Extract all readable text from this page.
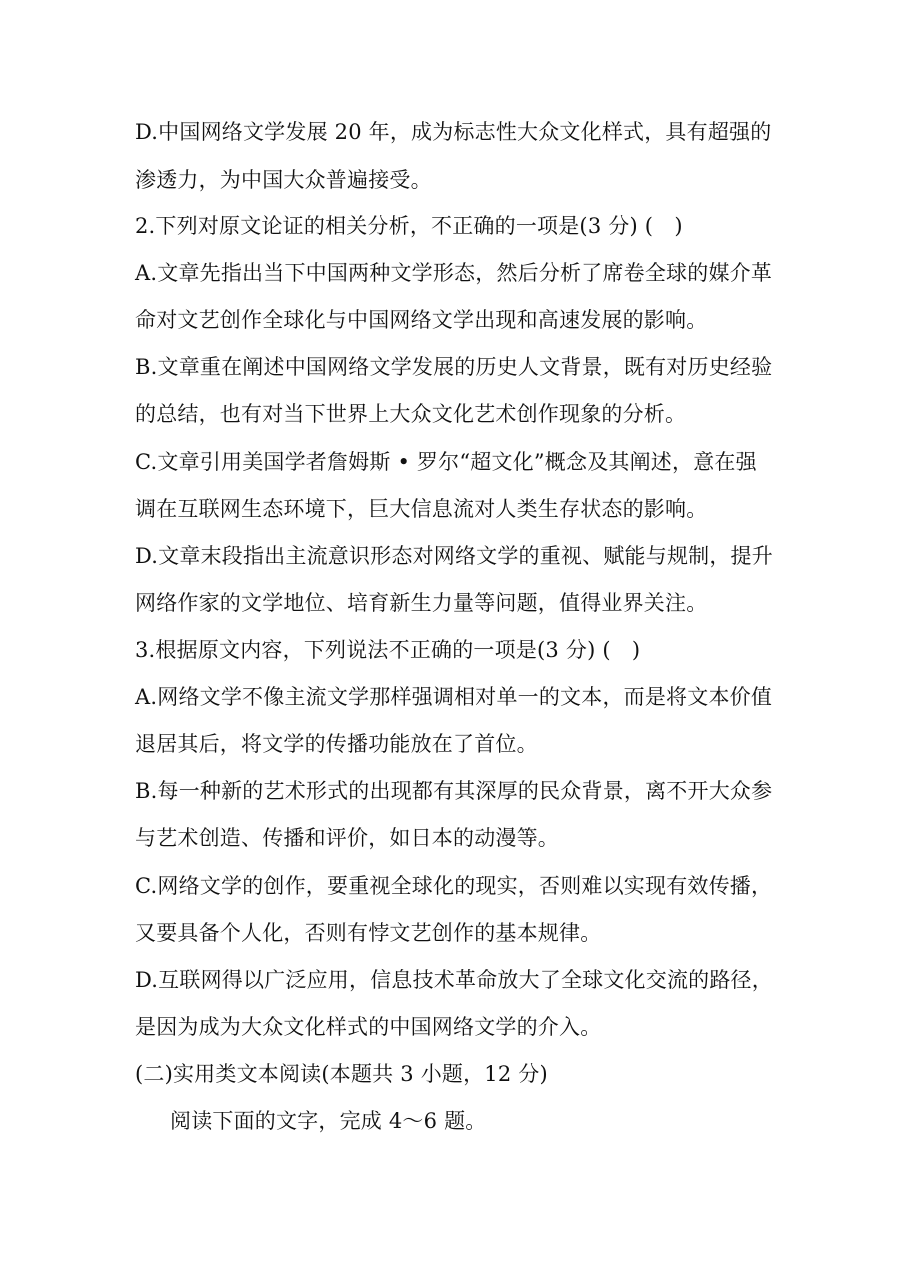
D.中国网络文学发展 20 年，成为标志性大众文化样式，具有超强的
渗透力，为中国大众普遍接受。
2.下列对原文论证的相关分析，不正确的一项是(3 分) (　)
A.文章先指出当下中国两种文学形态，然后分析了席卷全球的媒介革
命对文艺创作全球化与中国网络文学出现和高速发展的影响。
B.文章重在阐述中国网络文学发展的历史人文背景，既有对历史经验
的总结，也有对当下世界上大众文化艺术创作现象的分析。
C.文章引用美国学者詹姆斯 • 罗尔“超文化”概念及其阐述，意在强
调在互联网生态环境下，巨大信息流对人类生存状态的影响。
D.文章末段指出主流意识形态对网络文学的重视、赋能与规制，提升
网络作家的文学地位、培育新生力量等问题，值得业界关注。
3.根据原文内容，下列说法不正确的一项是(3 分) (　)
A.网络文学不像主流文学那样强调相对单一的文本，而是将文本价值
退居其后，将文学的传播功能放在了首位。
B.每一种新的艺术形式的出现都有其深厚的民众背景，离不开大众参
与艺术创造、传播和评价，如日本的动漫等。
C.网络文学的创作，要重视全球化的现实，否则难以实现有效传播，
又要具备个人化，否则有悖文艺创作的基本规律。
D.互联网得以广泛应用，信息技术革命放大了全球文化交流的路径，
是因为成为大众文化样式的中国网络文学的介入。
(二)实用类文本阅读(本题共 3 小题，12 分)
阅读下面的文字，完成 4～6 题。
